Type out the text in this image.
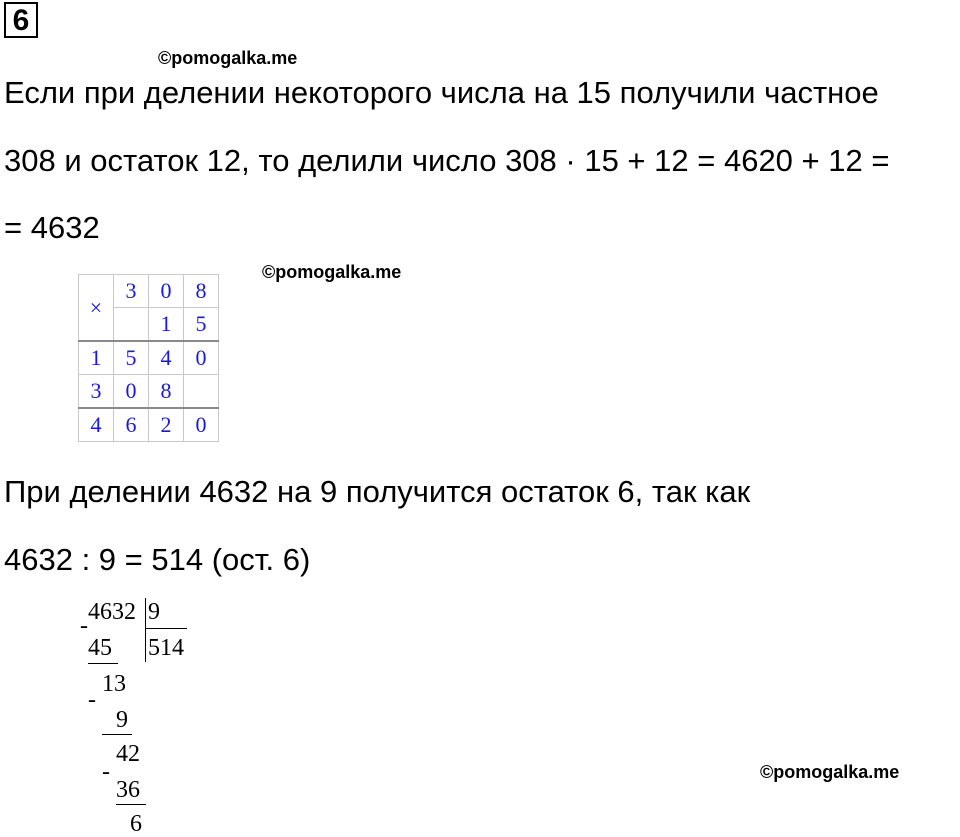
6
©pomogalka.me
Если при делении некоторого числа на 15 получили частное
308 и остаток 12, то делили число 308 · 15 + 12 = 4620 + 12 =
= 4632
©pomogalka.me
×	3	0	8
		1	5
1	5	4	0
3	0	8	
4	6	2	0
При делении 4632 на 9 получится остаток 6, так как
4632 : 9 = 514 (ост. 6)
4632 9
514
-
45
13
-
9
42
-
36
6
©pomogalka.me
